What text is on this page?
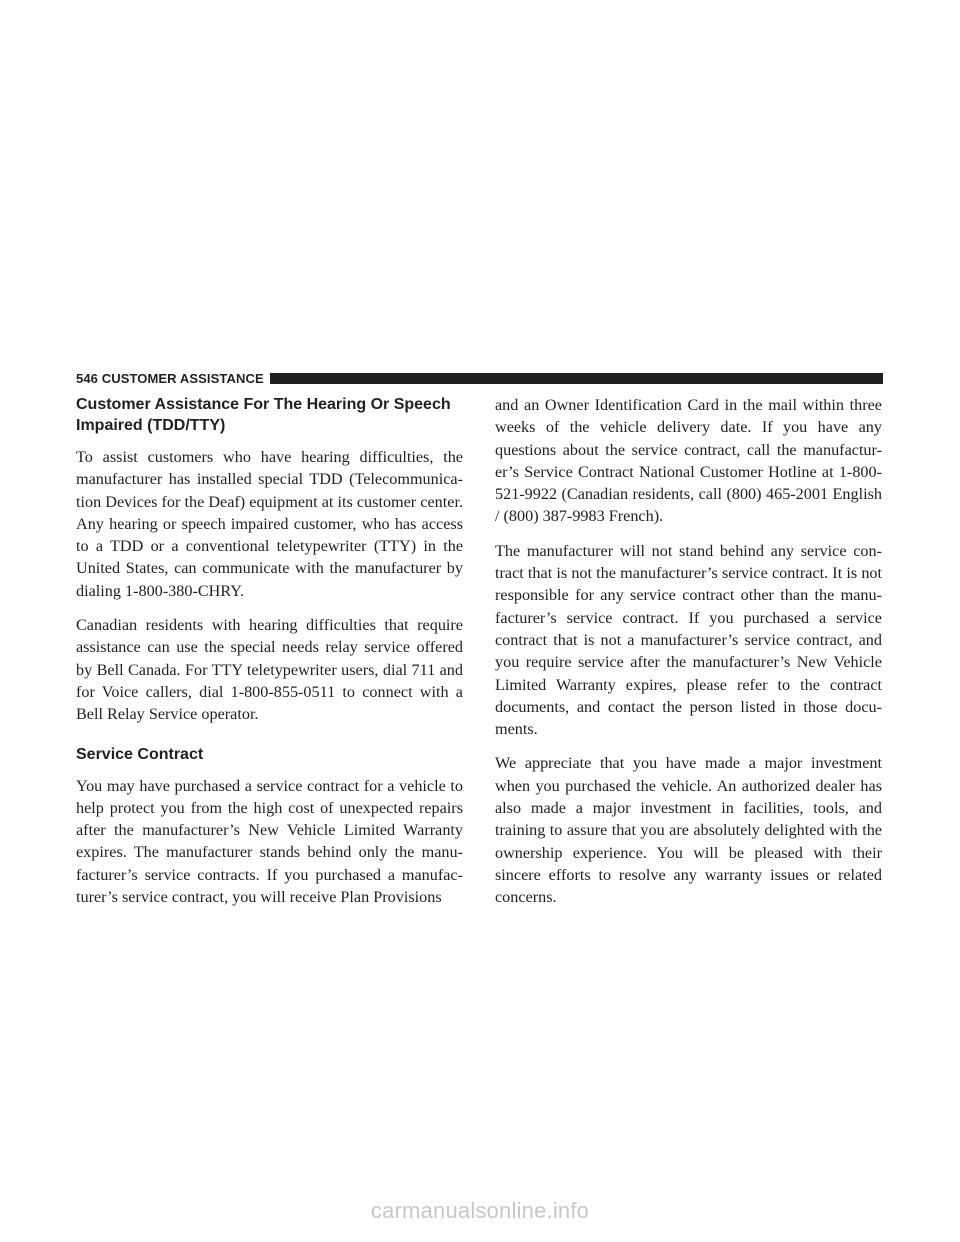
546 CUSTOMER ASSISTANCE
Customer Assistance For The Hearing Or Speech Impaired (TDD/TTY)

To assist customers who have hearing difficulties, the manufacturer has installed special TDD (Telecommunica-tion Devices for the Deaf) equipment at its customer center. Any hearing or speech impaired customer, who has access to a TDD or a conventional teletypewriter (TTY) in the United States, can communicate with the manufacturer by dialing 1-800-380-CHRY.

Canadian residents with hearing difficulties that require assistance can use the special needs relay service offered by Bell Canada. For TTY teletypewriter users, dial 711 and for Voice callers, dial 1-800-855-0511 to connect with a Bell Relay Service operator.

Service Contract

You may have purchased a service contract for a vehicle to help protect you from the high cost of unexpected repairs after the manufacturer’s New Vehicle Limited Warranty expires. The manufacturer stands behind only the manu-facturer’s service contracts. If you purchased a manufac-turer’s service contract, you will receive Plan Provisions

and an Owner Identification Card in the mail within three weeks of the vehicle delivery date. If you have any questions about the service contract, call the manufactur-er’s Service Contract National Customer Hotline at 1-800-521-9922 (Canadian residents, call (800) 465-2001 English / (800) 387-9983 French).

The manufacturer will not stand behind any service con-tract that is not the manufacturer’s service contract. It is not responsible for any service contract other than the manu-facturer’s service contract. If you purchased a service contract that is not a manufacturer’s service contract, and you require service after the manufacturer’s New Vehicle Limited Warranty expires, please refer to the contract documents, and contact the person listed in those docu-ments.

We appreciate that you have made a major investment when you purchased the vehicle. An authorized dealer has also made a major investment in facilities, tools, and training to assure that you are absolutely delighted with the ownership experience. You will be pleased with their sincere efforts to resolve any warranty issues or related concerns.

carmanualsonline.info
